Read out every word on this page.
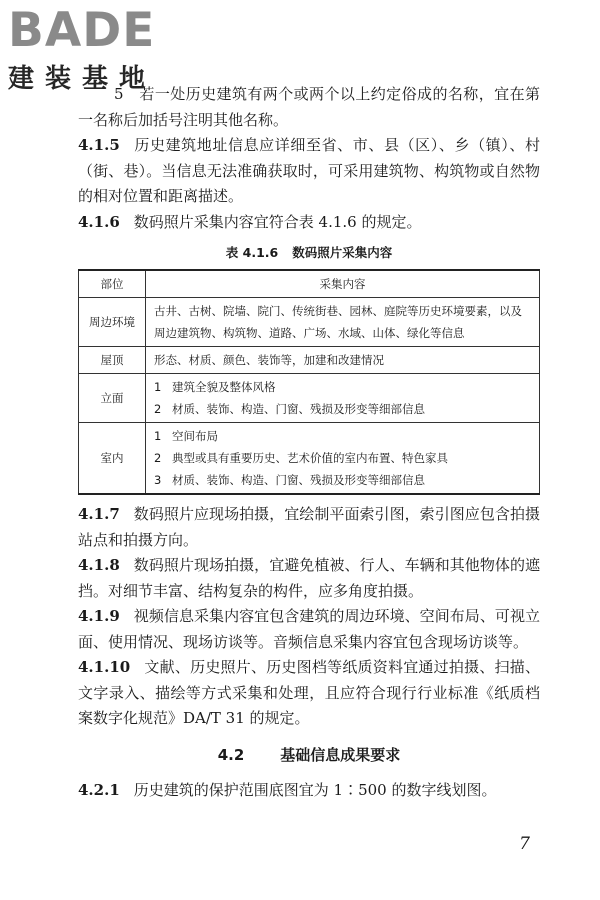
BADE
建装基地

5　若一处历史建筑有两个或两个以上约定俗成的名称，宜在第一名称后加括号注明其他名称。

4.1.5 历史建筑地址信息应详细至省、市、县（区）、乡（镇）、村（街、巷）。当信息无法准确获取时，可采用建筑物、构筑物或自然物的相对位置和距离描述。

4.1.6 数码照片采集内容宜符合表 4.1.6 的规定。

表 4.1.6 数码照片采集内容
部位	采集内容
周边环境	古井、古树、院墙、院门、传统街巷、园林、庭院等历史环境要素，以及周边建筑物、构筑物、道路、广场、水域、山体、绿化等信息
屋顶	形态、材质、颜色、装饰等，加建和改建情况
立面	1 建筑全貌及整体风格
2 材质、装饰、构造、门窗、残损及形变等细部信息

室内	1 空间布局
2 典型或具有重要历史、艺术价值的室内布置、特色家具
3 材质、装饰、构造、门窗、残损及形变等细部信息

4.1.7 数码照片应现场拍摄，宜绘制平面索引图，索引图应包含拍摄站点和拍摄方向。

4.1.8 数码照片现场拍摄，宜避免植被、行人、车辆和其他物体的遮挡。对细节丰富、结构复杂的构件，应多角度拍摄。

4.1.9 视频信息采集内容宜包含建筑的周边环境、空间布局、可视立面、使用情况、现场访谈等。音频信息采集内容宜包含现场访谈等。

4.1.10 文献、历史照片、历史图档等纸质资料宜通过拍摄、扫描、文字录入、描绘等方式采集和处理，且应符合现行行业标准《纸质档案数字化规范》DA/T 31 的规定。

4.2 基础信息成果要求

4.2.1 历史建筑的保护范围底图宜为 1∶500 的数字线划图。

7
